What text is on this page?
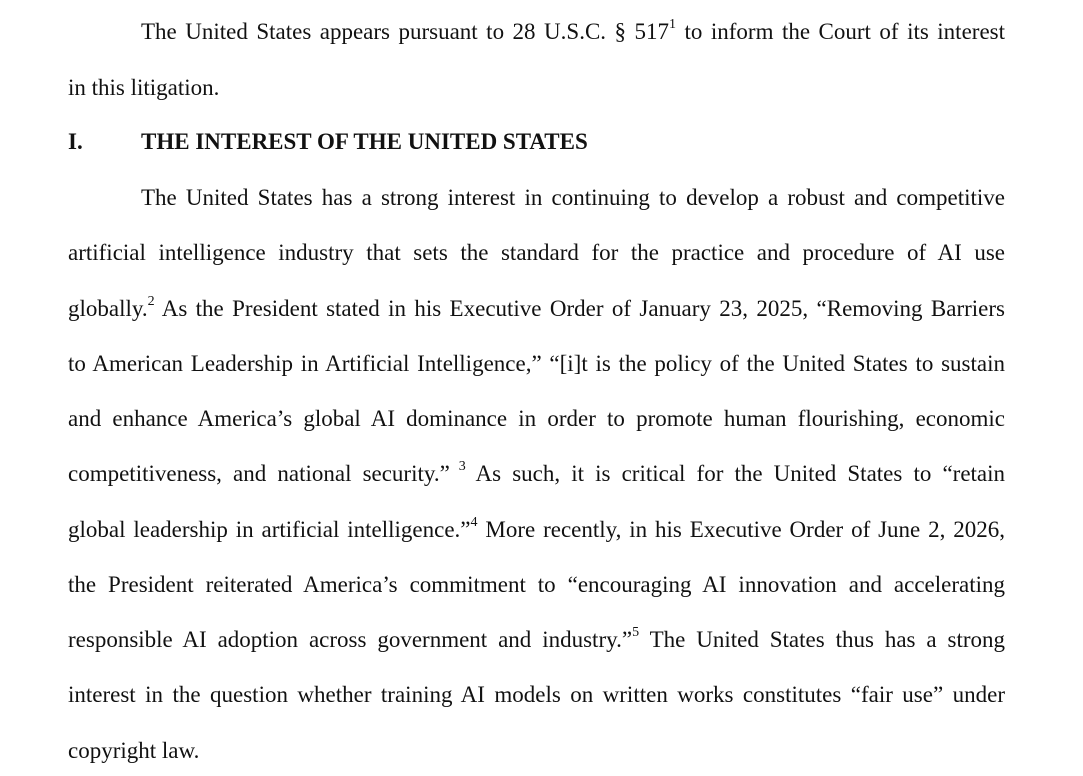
The United States appears pursuant to 28 U.S.C. § $517^1$ to inform the Court of its interest
in this litigation.
I.	THE INTEREST OF THE UNITED STATES
The United States has a strong interest in continuing to develop a robust and competitive
artificial intelligence industry that sets the standard for the practice and procedure of AI use
globally.$^2$ As the President stated in his Executive Order of January 23, 2025, “Removing Barriers
to American Leadership in Artificial Intelligence,” “[i]t is the policy of the United States to sustain
and enhance America’s global AI dominance in order to promote human flourishing, economic
competitiveness, and national security.” $^3$ As such, it is critical for the United States to “retain
global leadership in artificial intelligence.”$^4$ More recently, in his Executive Order of June 2, 2026,
the President reiterated America’s commitment to “encouraging AI innovation and accelerating
responsible AI adoption across government and industry.”$^5$ The United States thus has a strong
interest in the question whether training AI models on written works constitutes “fair use” under
copyright law.
